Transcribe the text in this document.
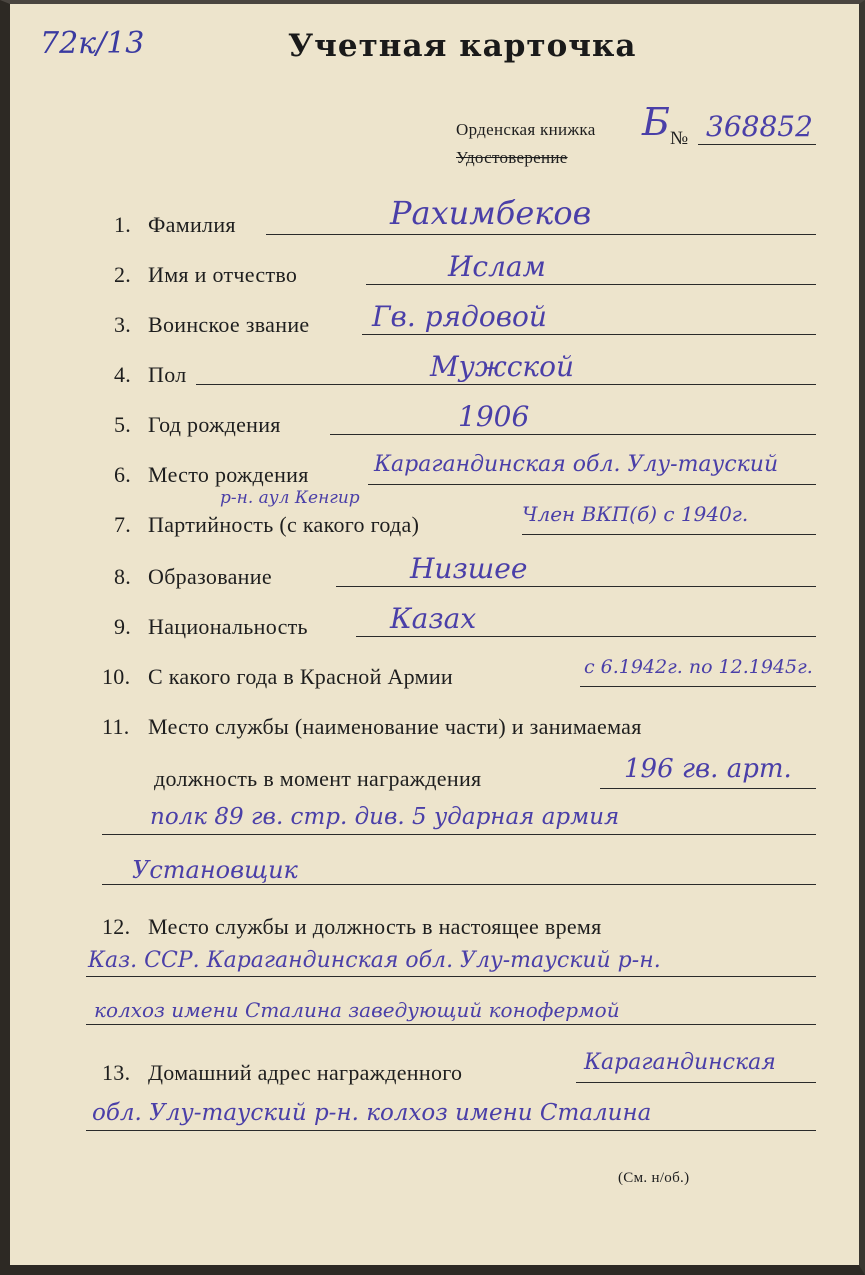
72к/13	Учетная карточка
Орденская книжка Б № 368852
Удостоверение
1. Фамилия	Рахимбеков
2. Имя и отчество	Ислам
3. Воинское звание Гв. рядовой
4. Пол	Мужской
5. Год рождения	1906
6. Место рождения	Карагандинская обл. Улу-тауский
р-н. аул Кенгир
7. Партийность (с какого года)	Член ВКП(б) с 1940г.
8. Образование	Низшее
9. Национальность	Казах
10. С какого года в Красной Армии	с 6.1942г. по 12.1945г.
11. Место службы (наименование части) и занимаемая
должность в момент награждения	196 гв. арт.
полк 89 гв. стр. див. 5 ударная армия
Установщик
12. Место службы и должность в настоящее время
Каз. ССР. Карагандинская обл. Улу-тауский р-н.
колхоз имени Сталина заведующий конофермой
13. Домашний адрес награжденного	Карагандинская
обл. Улу-тауский р-н. колхоз имени Сталина
(См. н/об.)
